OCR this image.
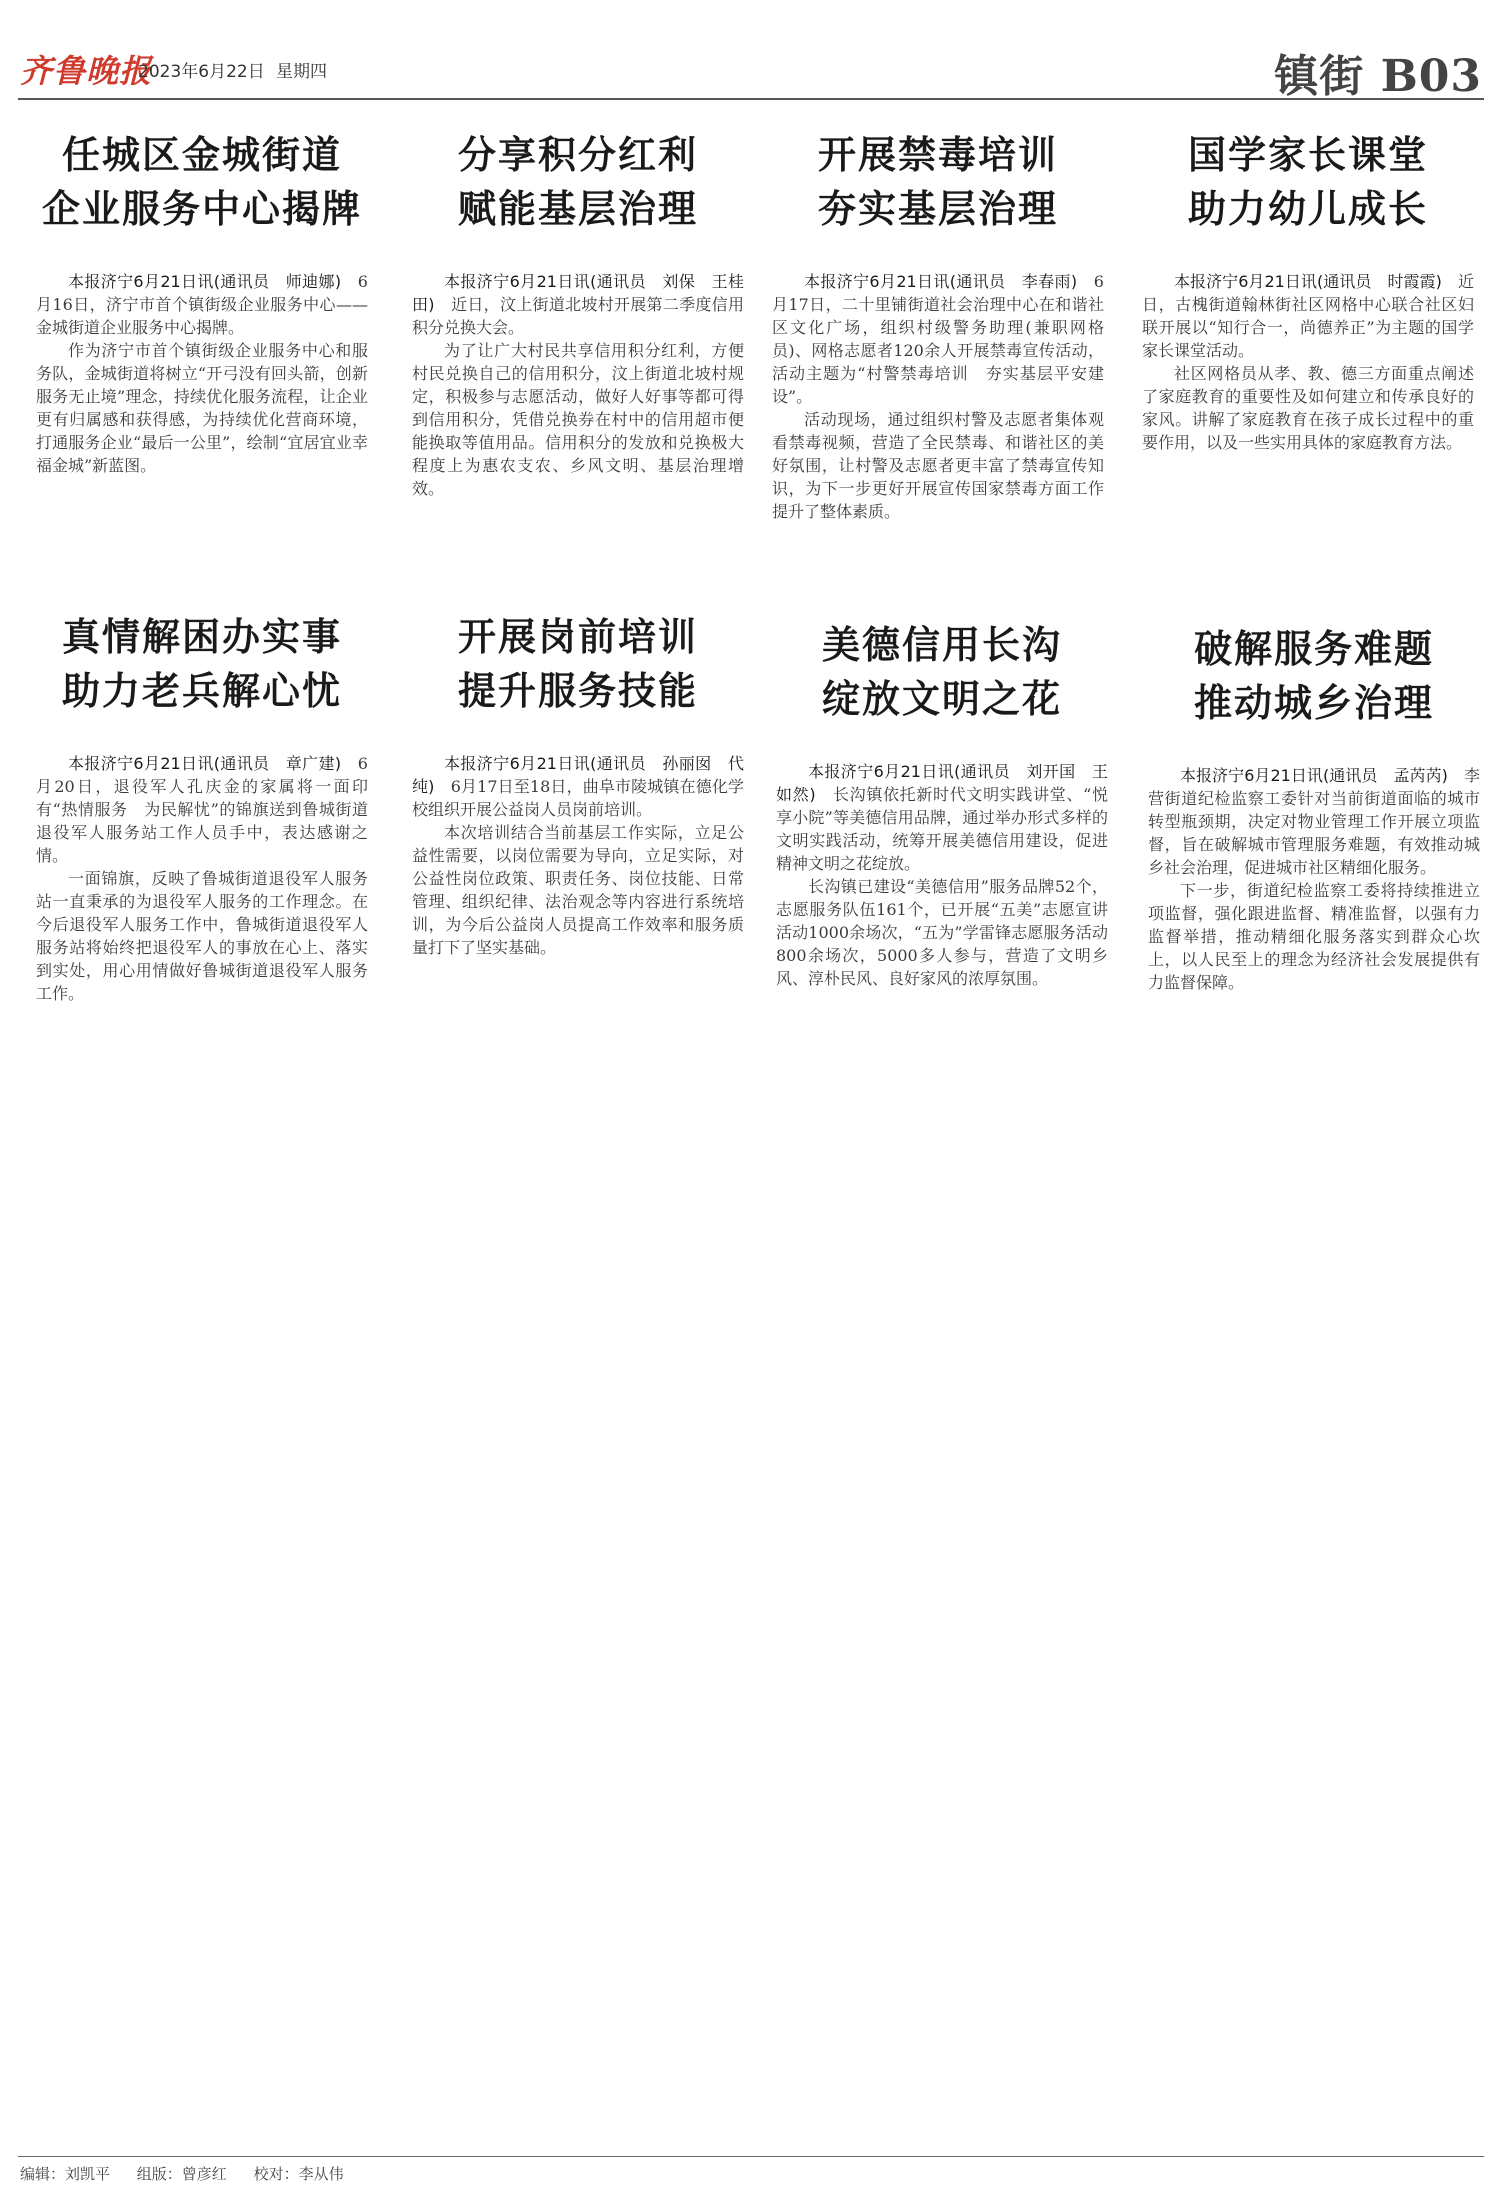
齐鲁晚报
2023年6月22日 星期四	镇街 B03
任城区金城街道
企业服务中心揭牌

本报济宁6月21日讯(通讯员　师迪娜)　 6月16日，济宁市首个镇街级企业服务中心——金城街道企业服务中心揭牌。

作为济宁市首个镇街级企业服务中心和服务队，金城街道将树立“开弓没有回头箭，创新服务无止境”理念，持续优化服务流程，让企业更有归属感和获得感，为持续优化营商环境，打通服务企业“最后一公里”，绘制“宜居宜业幸福金城”新蓝图。

分享积分红利
赋能基层治理

本报济宁6月21日讯(通讯员　刘保　王桂田)　 近日，汶上街道北坡村开展第二季度信用积分兑换大会。

为了让广大村民共享信用积分红利，方便村民兑换自己的信用积分，汶上街道北坡村规定，积极参与志愿活动，做好人好事等都可得到信用积分，凭借兑换券在村中的信用超市便能换取等值用品。信用积分的发放和兑换极大程度上为惠农支农、乡风文明、基层治理增效。

开展禁毒培训
夯实基层治理

本报济宁6月21日讯(通讯员　李春雨)　 6月17日，二十里铺街道社会治理中心在和谐社区文化广场，组织村级警务助理(兼职网格员)、网格志愿者120余人开展禁毒宣传活动，活动主题为“村警禁毒培训　夯实基层平安建设”。

活动现场，通过组织村警及志愿者集体观看禁毒视频，营造了全民禁毒、和谐社区的美好氛围，让村警及志愿者更丰富了禁毒宣传知识，为下一步更好开展宣传国家禁毒方面工作提升了整体素质。

国学家长课堂
助力幼儿成长

本报济宁6月21日讯(通讯员　时霞霞)　 近日，古槐街道翰林街社区网格中心联合社区妇联开展以“知行合一，尚德养正”为主题的国学家长课堂活动。

社区网格员从孝、教、德三方面重点阐述了家庭教育的重要性及如何建立和传承良好的家风。讲解了家庭教育在孩子成长过程中的重要作用，以及一些实用具体的家庭教育方法。

真情解困办实事
助力老兵解心忧

本报济宁6月21日讯(通讯员　章广建)　 6月20日，退役军人孔庆金的家属将一面印有“热情服务　为民解忧”的锦旗送到鲁城街道退役军人服务站工作人员手中，表达感谢之情。

一面锦旗，反映了鲁城街道退役军人服务站一直秉承的为退役军人服务的工作理念。在今后退役军人服务工作中，鲁城街道退役军人服务站将始终把退役军人的事放在心上、落实到实处，用心用情做好鲁城街道退役军人服务工作。

开展岗前培训
提升服务技能

本报济宁6月21日讯(通讯员　孙丽囡　代纯)　 6月17日至18日，曲阜市陵城镇在德化学校组织开展公益岗人员岗前培训。

本次培训结合当前基层工作实际，立足公益性需要，以岗位需要为导向，立足实际，对公益性岗位政策、职责任务、岗位技能、日常管理、组织纪律、法治观念等内容进行系统培训，为今后公益岗人员提高工作效率和服务质量打下了坚实基础。

美德信用长沟
绽放文明之花

本报济宁6月21日讯(通讯员　刘开国　王如然)　 长沟镇依托新时代文明实践讲堂、“悦享小院”等美德信用品牌，通过举办形式多样的文明实践活动，统筹开展美德信用建设，促进精神文明之花绽放。

长沟镇已建设“美德信用”服务品牌52个，志愿服务队伍161个，已开展“五美”志愿宣讲活动1000余场次，“五为”学雷锋志愿服务活动800余场次，5000多人参与，营造了文明乡风、淳朴民风、良好家风的浓厚氛围。

破解服务难题
推动城乡治理

本报济宁6月21日讯(通讯员　孟芮芮)　 李营街道纪检监察工委针对当前街道面临的城市转型瓶颈期，决定对物业管理工作开展立项监督，旨在破解城市管理服务难题，有效推动城乡社会治理，促进城市社区精细化服务。

下一步，街道纪检监察工委将持续推进立项监督，强化跟进监督、精准监督，以强有力监督举措，推动精细化服务落实到群众心坎上，以人民至上的理念为经济社会发展提供有力监督保障。

编辑：刘凯平 组版：曾彦红 校对：李从伟
